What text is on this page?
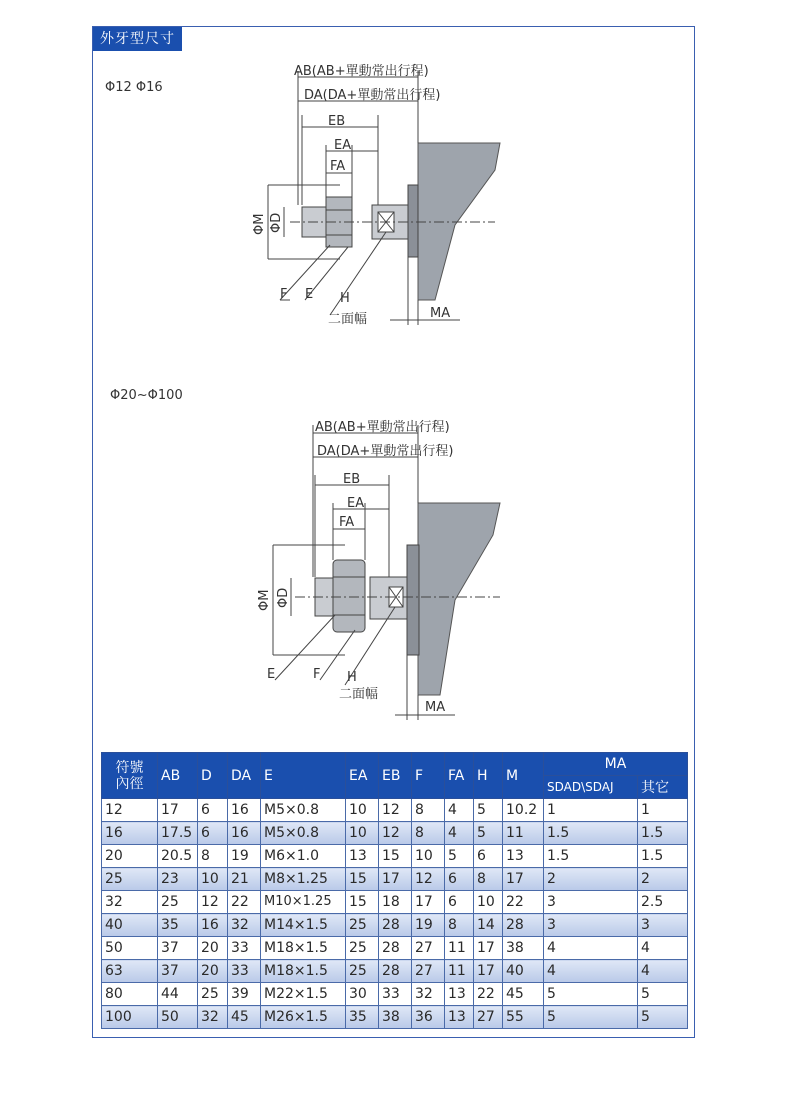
外牙型尺寸
Φ12 Φ16
AB(AB+單動常出行程)
DA(DA+單動常出行程)
EB
EA
FA
ΦM ΦD
F E H
二面幅	MA
Φ20~Φ100
AB(AB+單動常出行程)
DA(DA+單動常出行程)
EB
EA
FA
ΦM ΦD
E	F H
二面幅
MA
符號
內徑	AB	D	DA	E	EA	EB	F	FA	H	M	MA	
											SDAD\SDAJ	其它
12	17	6	16	M5×0.8	10	12	8	4	5	10.2	1	1
16	17.5	6	16	M5×0.8	10	12	8	4	5	11	1.5	1.5
20	20.5	8	19	M6×1.0	13	15	10	5	6	13	1.5	1.5
25	23	10	21	M8×1.25	15	17	12	6	8	17	2	2
32	25	12	22	M10×1.25	15	18	17	6	10	22	3	2.5
40	35	16	32	M14×1.5	25	28	19	8	14	28	3	3
50	37	20	33	M18×1.5	25	28	27	11	17	38	4	4
63	37	20	33	M18×1.5	25	28	27	11	17	40	4	4
80	44	25	39	M22×1.5	30	33	32	13	22	45	5	5
100	50	32	45	M26×1.5	35	38	36	13	27	55	5	5
